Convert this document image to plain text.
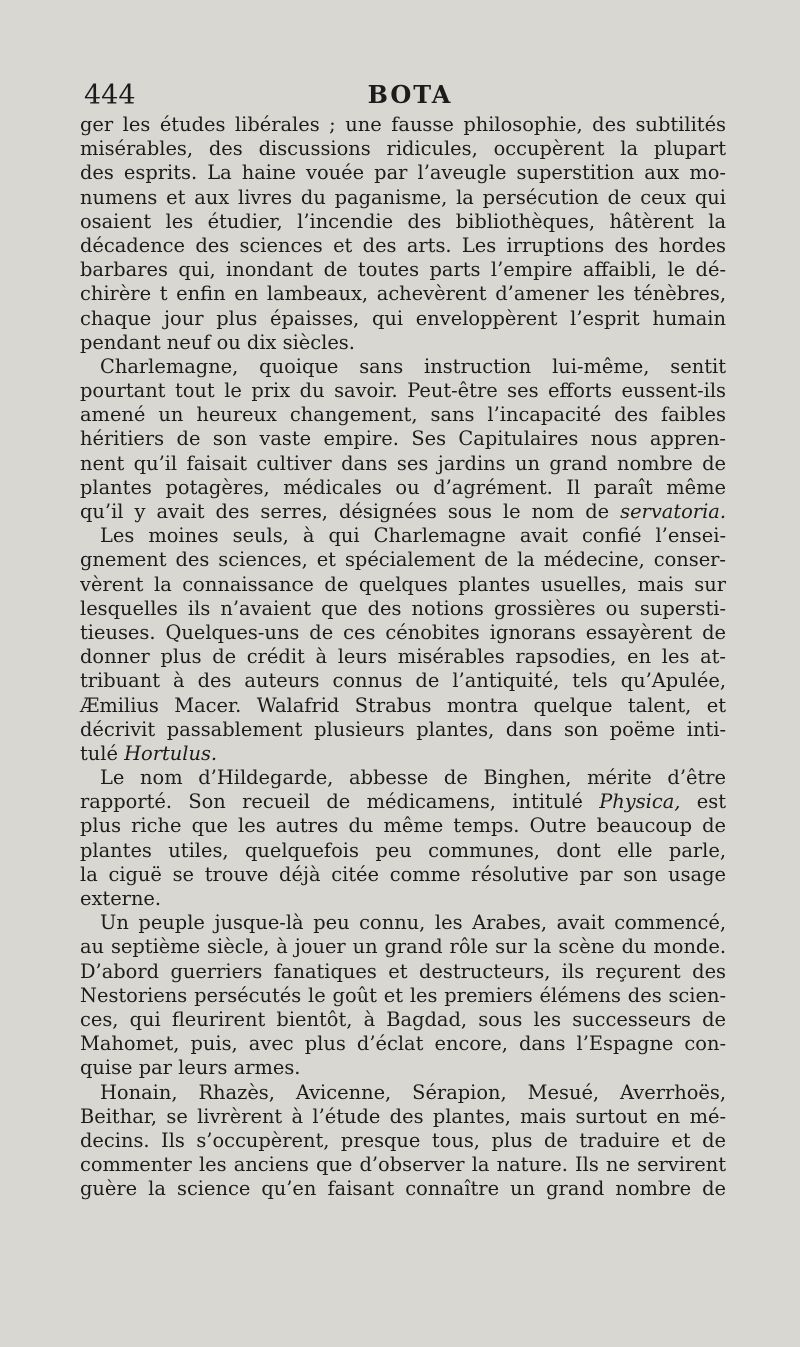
444	BOTA
ger les études libérales ; une fausse philosophie, des subtilités
misérables, des discussions ridicules, occupèrent la plupart
des esprits. La haine vouée par l’aveugle superstition aux mo-
numens et aux livres du paganisme, la persécution de ceux qui
osaient les étudier, l’incendie des bibliothèques, hâtèrent la
décadence des sciences et des arts. Les irruptions des hordes
barbares qui, inondant de toutes parts l’empire affaibli, le dé-
chirère t enfin en lambeaux, achevèrent d’amener les ténèbres,
chaque jour plus épaisses, qui enveloppèrent l’esprit humain
pendant neuf ou dix siècles.
Charlemagne, quoique sans instruction lui-même, sentit
pourtant tout le prix du savoir. Peut-être ses efforts eussent-ils
amené un heureux changement, sans l’incapacité des faibles
héritiers de son vaste empire. Ses Capitulaires nous appren-
nent qu’il faisait cultiver dans ses jardins un grand nombre de
plantes potagères, médicales ou d’agrément. Il paraît même
qu’il y avait des serres, désignées sous le nom de servatoria.
Les moines seuls, à qui Charlemagne avait confié l’ensei-
gnement des sciences, et spécialement de la médecine, conser-
vèrent la connaissance de quelques plantes usuelles, mais sur
lesquelles ils n’avaient que des notions grossières ou supersti-
tieuses. Quelques-uns de ces cénobites ignorans essayèrent de
donner plus de crédit à leurs misérables rapsodies, en les at-
tribuant à des auteurs connus de l’antiquité, tels qu’Apulée,
Æmilius Macer. Walafrid Strabus montra quelque talent, et
décrivit passablement plusieurs plantes, dans son poëme inti-
tulé Hortulus.
Le nom d’Hildegarde, abbesse de Binghen, mérite d’être
rapporté. Son recueil de médicamens, intitulé Physica, est
plus riche que les autres du même temps. Outre beaucoup de
plantes utiles, quelquefois peu communes, dont elle parle,
la ciguë se trouve déjà citée comme résolutive par son usage
externe.
Un peuple jusque-là peu connu, les Arabes, avait commencé,
au septième siècle, à jouer un grand rôle sur la scène du monde.
D’abord guerriers fanatiques et destructeurs, ils reçurent des
Nestoriens persécutés le goût et les premiers élémens des scien-
ces, qui fleurirent bientôt, à Bagdad, sous les successeurs de
Mahomet, puis, avec plus d’éclat encore, dans l’Espagne con-
quise par leurs armes.
Honain, Rhazès, Avicenne, Sérapion, Mesué, Averrhoës,
Beithar, se livrèrent à l’étude des plantes, mais surtout en mé-
decins. Ils s’occupèrent, presque tous, plus de traduire et de
commenter les anciens que d’observer la nature. Ils ne servirent
guère la science qu’en faisant connaître un grand nombre de
